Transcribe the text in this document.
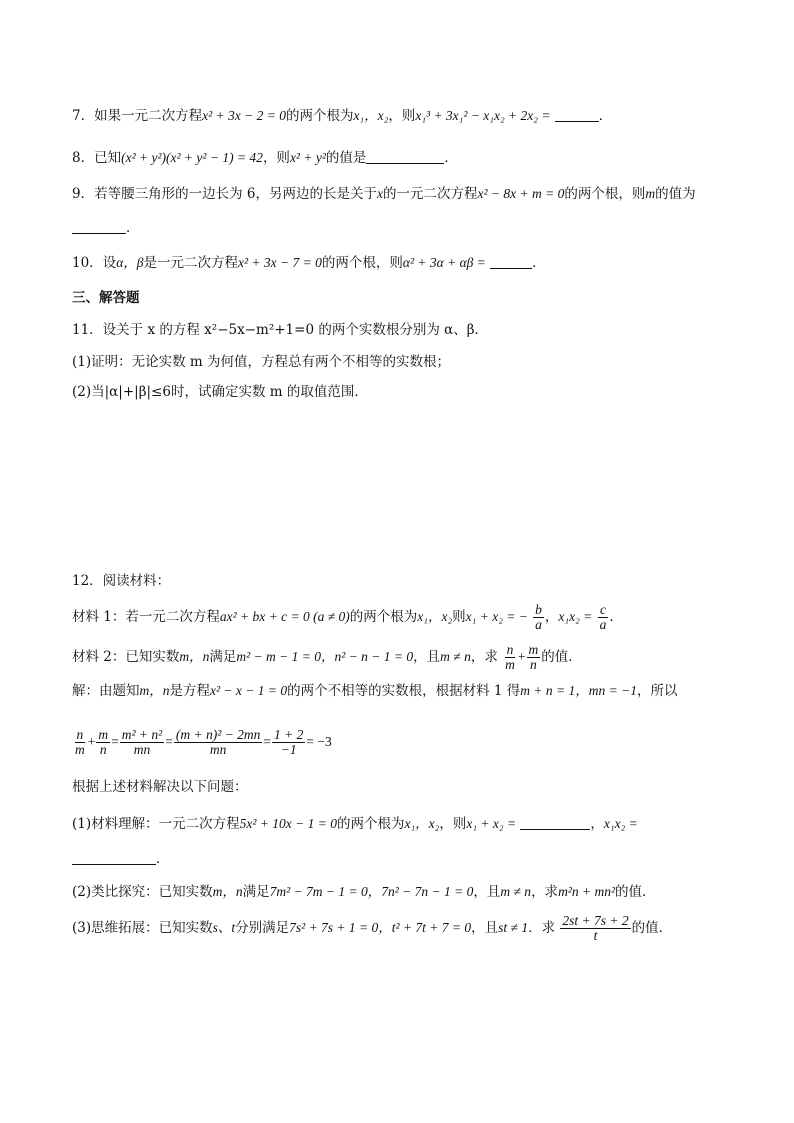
7．如果一元二次方程x² + 3x − 2 = 0的两个根为x₁，x₂，则x₁³ + 3x₁² − x₁x₂ + 2x₂ =	．
8．已知(x² + y²)(x² + y² − 1) = 42，则x² + y²的值是	．
9．若等腰三角形的一边长为 6，另两边的长是关于x的一元二次方程x² − 8x + m = 0的两个根，则m的值为
．
10．设α，β是一元二次方程x² + 3x − 7 = 0的两个根，则α² + 3α + αβ =	．
三、解答题
11．设关于 x 的方程 x²−5x−m²+1=0 的两个实数根分别为 α、β．
(1)证明：无论实数 m 为何值，方程总有两个不相等的实数根；
(2)当|α|+|β|≤6时，试确定实数 m 的取值范围．
12．阅读材料：
材料 1：若一元二次方程ax² + bx + c = 0 (a ≠ 0)的两个根为x₁，x₂则x₁ + x₂ = − $\frac{b}{a}$ ，$x_1x_2 = \frac{c}{a}$ ．
材料 2：已知实数m，n满足m² − m − 1 = 0，n² − n − 1 = 0，且m ≠ n，求 $\frac{n}{m} + \frac{m}{n}$ 的值．
解：由题知m，n是方程x² − x − 1 = 0的两个不相等的实数根，根据材料 1 得m + n = 1，mn = −1，所以
$\frac{n}{m} + \frac{m}{n} = \frac{\text{m² + n²}}{mn} = \frac{\text{(m + n)² − 2mn}}{mn} = \frac{1 + 2}{-1} = -3$
根据上述材料解决以下问题：
(1)材料理解：一元二次方程5x² + 10x − 1 = 0的两个根为x₁，x₂，则x₁ + x₂ =	，x₁x₂ =
．
(2)类比探究：已知实数m，n满足7m² − 7m − 1 = 0，7n² − 7n − 1 = 0，且m ≠ n，求m²n + mn²的值．
(3)思维拓展：已知实数s、t分别满足7s² + 7s + 1 = 0，t² + 7t + 7 = 0，且st ≠ 1．求 $\frac{2st + 7s + 2}{t}$ 的值．
